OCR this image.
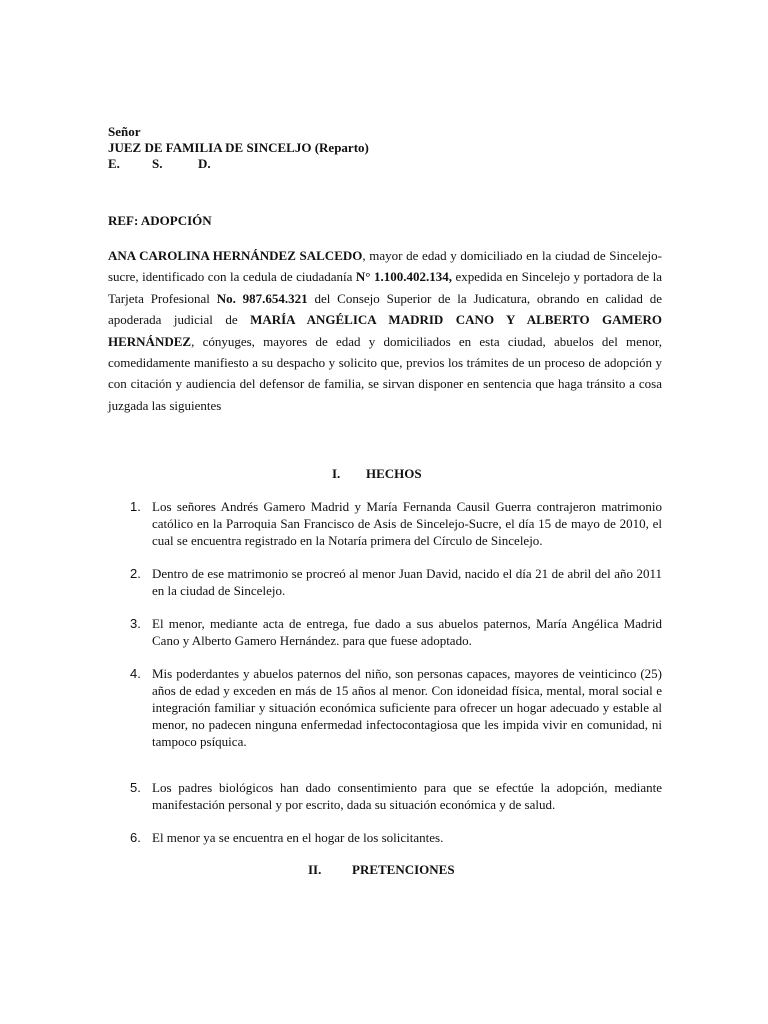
Señor
JUEZ DE FAMILIA DE SINCELJO (Reparto)
E. S.	D.
REF: ADOPCIÓN
ANA CAROLINA HERNÁNDEZ SALCEDO, mayor de edad y domiciliado en la ciudad de Sincelejo- sucre, identificado con la cedula de ciudadanía N° 1.100.402.134, expedida en Sincelejo y portadora de la Tarjeta Profesional No. 987.654.321 del Consejo Superior de la Judicatura, obrando en calidad de apoderada judicial de MARÍA ANGÉLICA MADRID CANO Y ALBERTO GAMERO HERNÁNDEZ, cónyuges, mayores de edad y domiciliados en esta ciudad, abuelos del menor, comedidamente manifiesto a su despacho y solicito que, previos los trámites de un proceso de adopción y con citación y audiencia del defensor de familia, se sirvan disponer en sentencia que haga tránsito a cosa juzgada las siguientes
I. HECHOS
1. Los señores Andrés Gamero Madrid y María Fernanda Causil Guerra contrajeron matrimonio católico en la Parroquia San Francisco de Asis de Sincelejo-Sucre, el día 15 de mayo de 2010, el cual se encuentra registrado en la Notaría primera del Círculo de Sincelejo.
2. Dentro de ese matrimonio se procreó al menor Juan David, nacido el día 21 de abril del año 2011 en la ciudad de Sincelejo.
3. El menor, mediante acta de entrega, fue dado a sus abuelos paternos, María Angélica Madrid Cano y Alberto Gamero Hernández. para que fuese adoptado.
4. Mis poderdantes y abuelos paternos del niño, son personas capaces, mayores de veinticinco (25) años de edad y exceden en más de 15 años al menor. Con idoneidad física, mental, moral social e integración familiar y situación económica suficiente para ofrecer un hogar adecuado y estable al menor, no padecen ninguna enfermedad infectocontagiosa que les impida vivir en comunidad, ni tampoco psíquica.
5. Los padres biológicos han dado consentimiento para que se efectúe la adopción, mediante manifestación personal y por escrito, dada su situación económica y de salud.
6. El menor ya se encuentra en el hogar de los solicitantes.
II. PRETENCIONES
